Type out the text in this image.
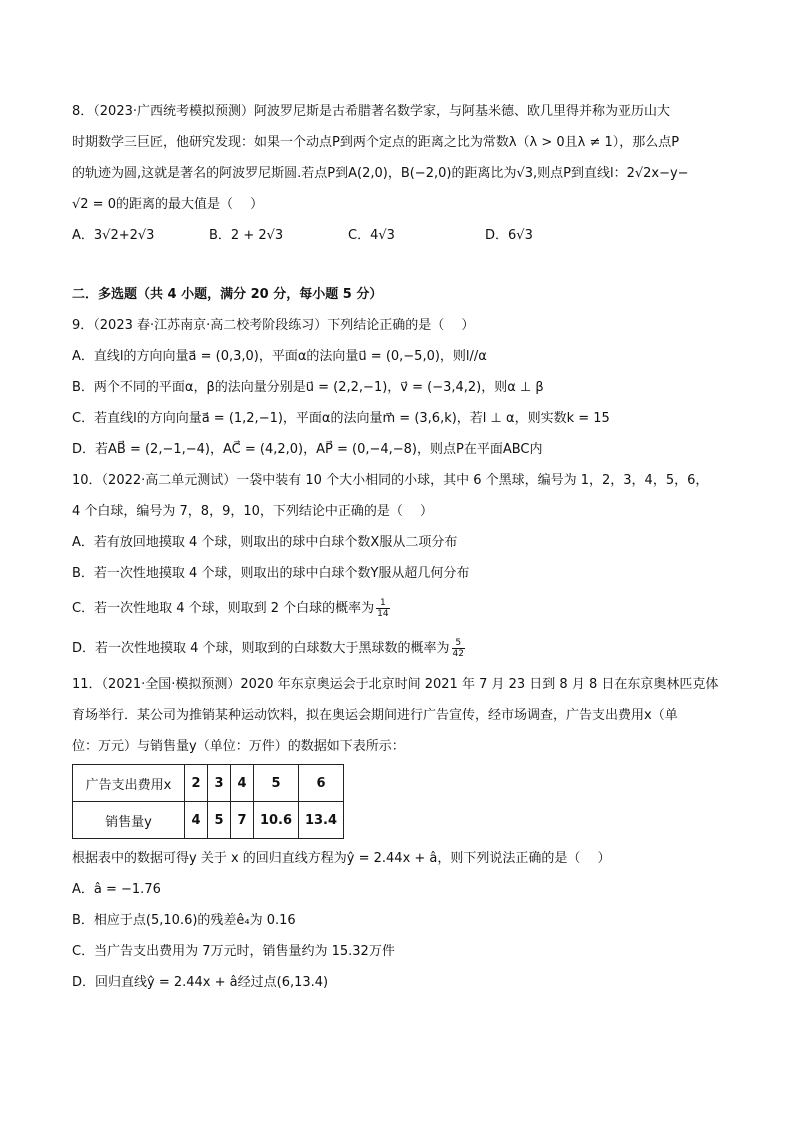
8．（2023·广西统考模拟预测）阿波罗尼斯是古希腊著名数学家，与阿基米德、欧几里得并称为亚历山大
时期数学三巨匠，他研究发现：如果一个动点P到两个定点的距离之比为常数λ（λ > 0且λ ≠ 1），那么点P
的轨迹为圆,这就是著名的阿波罗尼斯圆.若点P到A(2,0)，B(−2,0)的距离比为√3,则点P到直线l：2√2x−y−
√2 = 0的距离的最大值是（　 ）
A．3√2+2√3	B．2 + 2√3	C．4√3	D．6√3
二．多选题（共 4 小题，满分 20 分，每小题 5 分）
9．（2023 春·江苏南京·高二校考阶段练习）下列结论正确的是（　 ）
A．直线l的方向向量a⃗ = (0,3,0)，平面α的法向量u⃗ = (0,−5,0)，则l//α
B．两个不同的平面α，β的法向量分别是u⃗ = (2,2,−1)，v⃗ = (−3,4,2)，则α ⊥ β
C．若直线l的方向向量a⃗ = (1,2,−1)，平面α的法向量m⃗ = (3,6,k)，若l ⊥ α，则实数k = 15
D．若AB⃗ = (2,−1,−4)，AC⃗ = (4,2,0)，AP⃗ = (0,−4,−8)，则点P在平面ABC内
10．（2022·高二单元测试）一袋中装有 10 个大小相同的小球，其中 6 个黑球，编号为 1，2，3，4，5，6，
4 个白球，编号为 7，8，9，10，下列结论中正确的是（　 ）
A．若有放回地摸取 4 个球，则取出的球中白球个数X服从二项分布
B．若一次性地摸取 4 个球，则取出的球中白球个数Y服从超几何分布
C．若一次性地取 4 个球，则取到 2 个白球的概率为 $\frac{1}{14}$
D．若一次性地摸取 4 个球，则取到的白球数大于黑球数的概率为 $\frac{5}{42}$
11．（2021·全国·模拟预测）2020 年东京奥运会于北京时间 2021 年 7 月 23 日到 8 月 8 日在东京奥林匹克体
育场举行．某公司为推销某种运动饮料，拟在奥运会期间进行广告宣传，经市场调查，广告支出费用x（单
位：万元）与销售量y（单位：万件）的数据如下表所示：
广告支出费用x	2	3	4	5	6
销售量y	4	5	7	10.6	13.4
根据表中的数据可得y 关于 x 的回归直线方程为ŷ = 2.44x + â，则下列说法正确的是（　 ）
A．â = −1.76
B．相应于点(5,10.6)的残差ê₄为 0.16
C．当广告支出费用为 7万元时，销售量约为 15.32万件
D．回归直线ŷ = 2.44x + â经过点(6,13.4)
